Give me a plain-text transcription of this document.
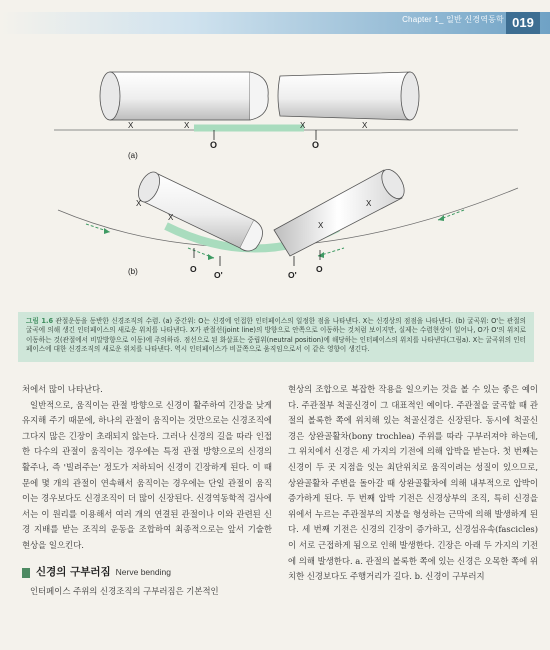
Chapter 1_ 일반 신경역동학 019
X	X	X	X
O	O
(a)
X
X
X
X
O
O'	O'
O
(b)
그림 1.6 관절운동을 동반한 신경조직의 수렴. (a) 중간위: O는 신경에 인접한 인터페이스의 일정한 점을 나타낸다. X는 신경상의 점점을 나타낸다. (b) 굴곡위: O'는 관절의 굴곡에 의해 생긴 인터페이스의 새로운 위치를 나타낸다. X가 관절선(joint line)의 방향으로 안쪽으로 이동하는 것처럼 보이지만, 실제는 수렴현상이 일어나, O가 O'의 위치로 이동하는 것(관절에서 비말방향으로 이동)에 주의하라. 점선으로 된 화살표는 중립위(neutral position)에 해당하는 인터페이스의 위치를 나타낸다(그림a). X는 굴곡위의 인터페이스에 대한 신경조직의 새로운 위치를 나타낸다. 역시 인터페이스가 비끌쪽으로 움직임으로서 이 같은 영향이 생긴다.

처에서 많이 나타난다.

일반적으로, 움직이는 관절 방향으로 신경이 활주하여 긴장을 낮게 유지해 주기 때문에, 하나의 관절이 움직이는 것만으로는 신경조직에 그다지 많은 긴장이 초래되지 않는다. 그러나 신경의 길을 따라 인접한 다수의 관절이 움직이는 경우에는 특정 관절 방향으로의 신경의 활주나, 즉 '빌려주는' 정도가 저하되어 신경이 긴장하게 된다. 이 때문에 몇 개의 관절이 연속해서 움직이는 경우에는 단일 관절이 움직이는 경우보다도 신경조직이 더 많이 신장된다. 신경역동학적 검사에서는 이 원리를 이용해서 여러 개의 연결된 관절이나 이와 관련된 신경 지배를 받는 조직의 운동을 조합하여 최종적으로는 앞서 기술한 현상을 일으킨다.

신경의 구부러짐 Nerve bending

인터페이스 주위의 신경조직의 구부러짐은 기본적인

현상의 조합으로 복잡한 작용을 일으키는 것을 볼 수 있는 좋은 예이다. 주관절부 척골신경이 그 대표적인 예이다. 주관절을 굴곡할 때 관절의 볼록한 쪽에 위치해 있는 척골신경은 신장된다. 동시에 척골신경은 상완골활차(bony trochlea) 주위를 따라 구부러져야 하는데, 그 위치에서 신경은 세 가지의 기전에 의해 압박을 받는다. 첫 번째는 신경이 두 곳 지점을 잇는 최단위치로 움직이려는 성질이 있으므로, 상완골활차 주변을 돌아갈 때 상완골활차에 의해 내부적으로 압박이 증가하게 된다. 두 번째 압박 기전은 신경상부의 조직, 특히 신경을 위에서 누르는 주관절부의 지붕을 형성하는 근막에 의해 발생하게 된다. 세 번째 기전은 신경의 긴장이 증가하고, 신경섬유속(fascicles)이 서로 근접하게 됨으로 인해 발생한다. 긴장은 아래 두 가지의 기전에 의해 발생한다. a. 관절의 볼록한 쪽에 있는 신경은 오목한 쪽에 위치한 신경보다도 주행거리가 길다. b. 신경이 구부러지
